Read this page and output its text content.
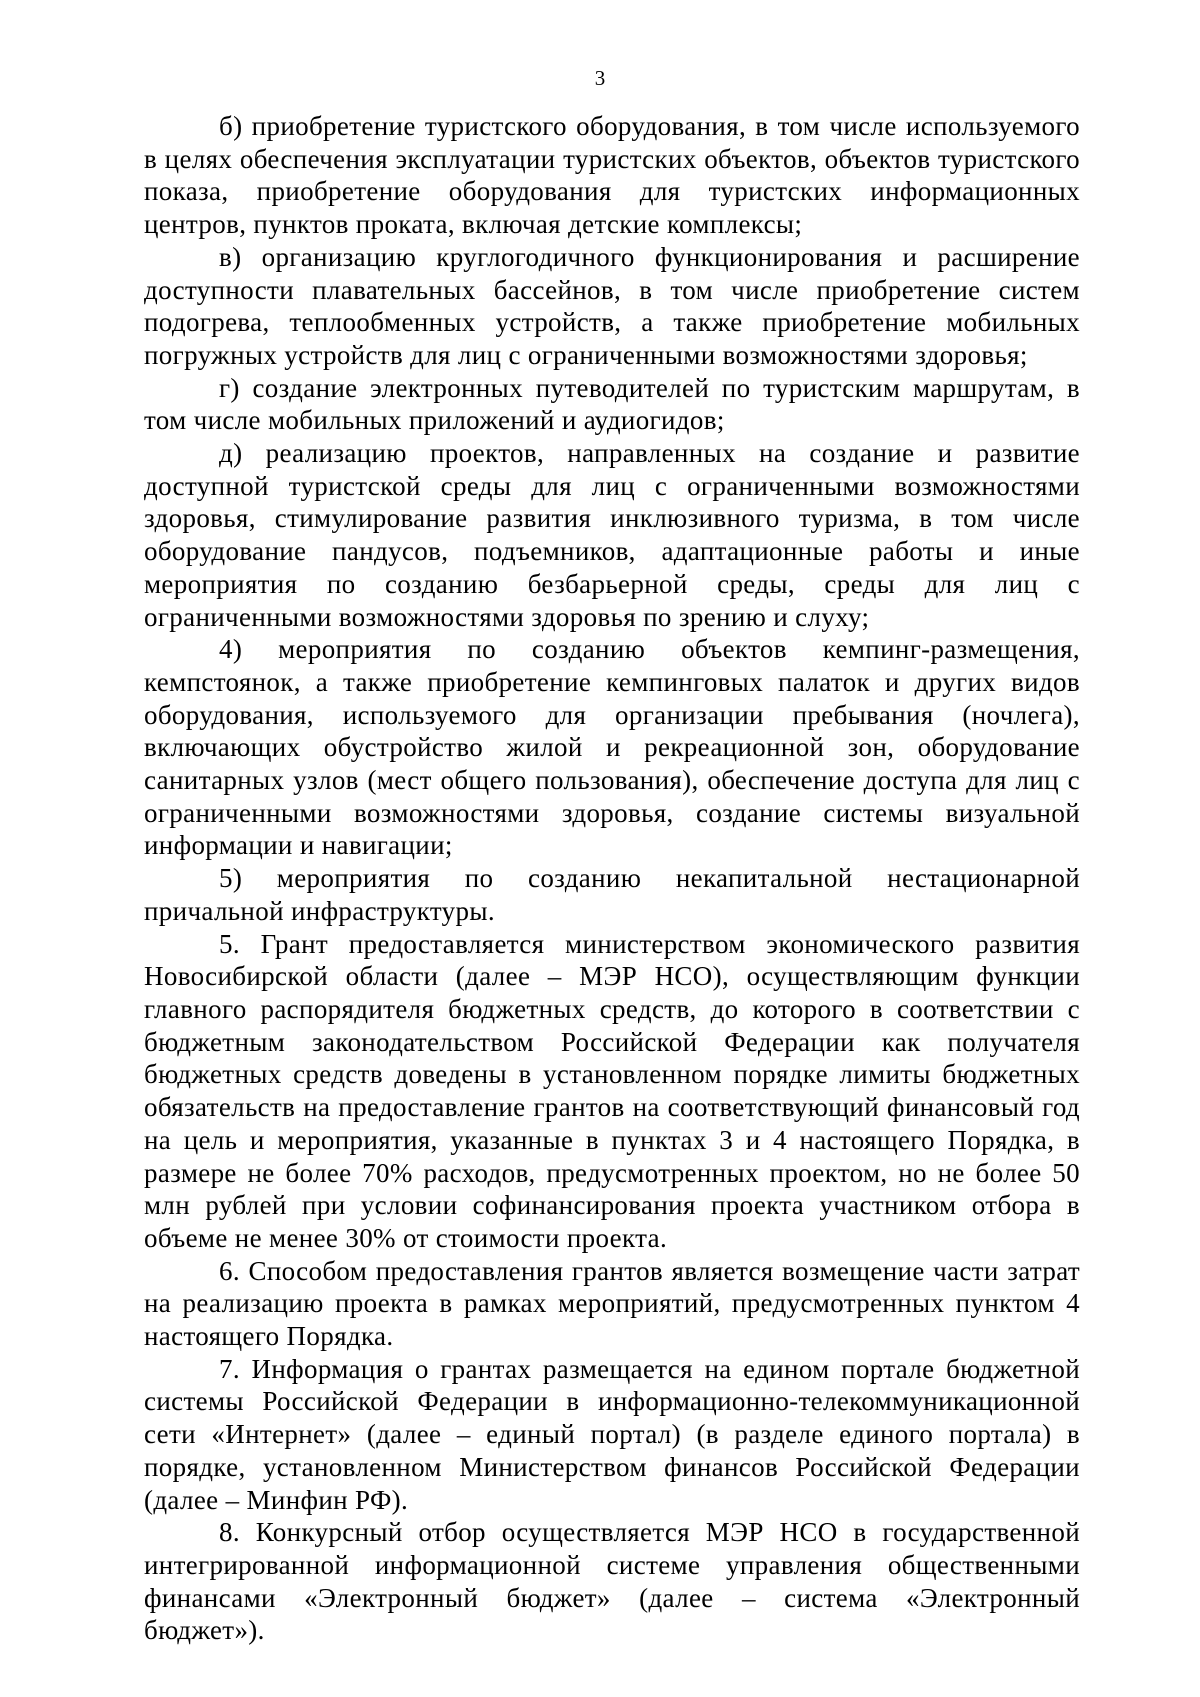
3

б) приобретение туристского оборудования, в том числе используемого в целях обеспечения эксплуатации туристских объектов, объектов туристского показа, приобретение оборудования для туристских информационных центров, пунктов проката, включая детские комплексы;

в) организацию круглогодичного функционирования и расширение доступности плавательных бассейнов, в том числе приобретение систем подогрева, теплообменных устройств, а также приобретение мобильных погружных устройств для лиц с ограниченными возможностями здоровья;

г) создание электронных путеводителей по туристским маршрутам, в том числе мобильных приложений и аудиогидов;

д) реализацию проектов, направленных на создание и развитие доступной туристской среды для лиц с ограниченными возможностями здоровья, стимулирование развития инклюзивного туризма, в том числе оборудование пандусов, подъемников, адаптационные работы и иные мероприятия по созданию безбарьерной среды, среды для лиц с ограниченными возможностями здоровья по зрению и слуху;

4) мероприятия по созданию объектов кемпинг-размещения, кемпстоянок, а также приобретение кемпинговых палаток и других видов оборудования, используемого для организации пребывания (ночлега), включающих обустройство жилой и рекреационной зон, оборудование санитарных узлов (мест общего пользования), обеспечение доступа для лиц с ограниченными возможностями здоровья, создание системы визуальной информации и навигации;

5) мероприятия по созданию некапитальной нестационарной причальной инфраструктуры.

5. Грант предоставляется министерством экономического развития Новосибирской области (далее – МЭР НСО), осуществляющим функции главного распорядителя бюджетных средств, до которого в соответствии с бюджетным законодательством Российской Федерации как получателя бюджетных средств доведены в установленном порядке лимиты бюджетных обязательств на предоставление грантов на соответствующий финансовый год на цель и мероприятия, указанные в пунктах 3 и 4 настоящего Порядка, в размере не более 70% расходов, предусмотренных проектом, но не более 50 млн рублей при условии софинансирования проекта участником отбора в объеме не менее 30% от стоимости проекта.

6. Способом предоставления грантов является возмещение части затрат на реализацию проекта в рамках мероприятий, предусмотренных пунктом 4 настоящего Порядка.

7. Информация о грантах размещается на едином портале бюджетной системы Российской Федерации в информационно-телекоммуникационной сети «Интернет» (далее – единый портал) (в разделе единого портала) в порядке, установленном Министерством финансов Российской Федерации (далее – Минфин РФ).

8. Конкурсный отбор осуществляется МЭР НСО в государственной интегрированной информационной системе управления общественными финансами «Электронный бюджет» (далее – система «Электронный бюджет»).
